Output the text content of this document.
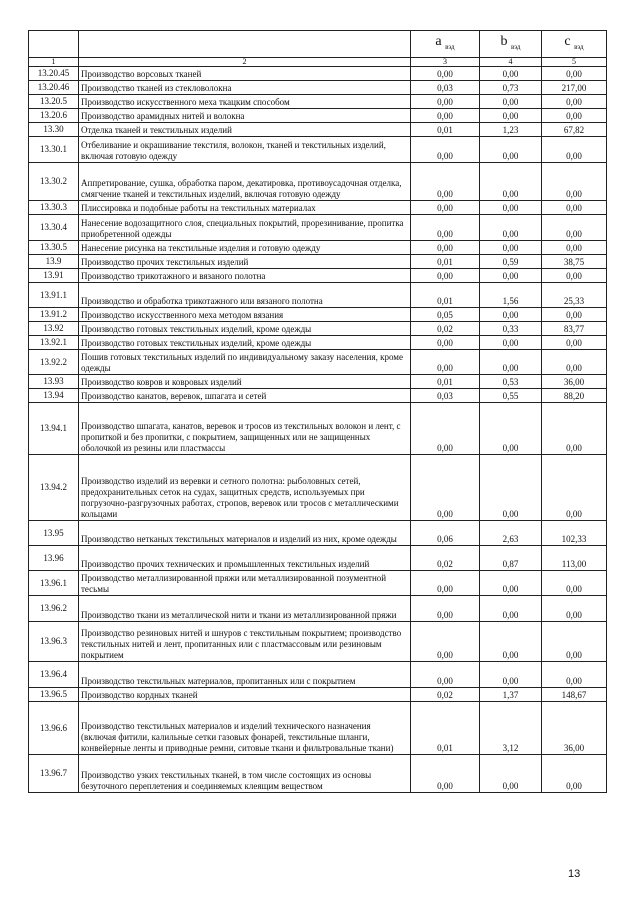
		a $_{вэд}$	b $_{вэд}$	c $_{вэд}$
1	2	3	4	5
13.20.45	Производство ворсовых тканей	0,00	0,00	0,00
13.20.46	Производство тканей из стекловолокна	0,03	0,73	217,00
13.20.5	Производство искусственного меха ткацким способом	0,00	0,00	0,00
13.20.6	Производство арамидных нитей и волокна	0,00	0,00	0,00
13.30	Отделка тканей и текстильных изделий	0,01	1,23	67,82
13.30.1	Отбеливание и окрашивание текстиля, волокон, тканей и текстильных изделий, включая готовую одежду	0,00	0,00	0,00
13.30.2	Аппретирование, сушка, обработка паром, декатировка, противоусадочная отделка, смягчение тканей и текстильных изделий, включая готовую одежду	0,00	0,00	0,00
13.30.3	Плиссировка и подобные работы на текстильных материалах	0,00	0,00	0,00
13.30.4	Нанесение водозащитного слоя, специальных покрытий, прорезинивание, пропитка приобретенной одежды	0,00	0,00	0,00
13.30.5	Нанесение рисунка на текстильные изделия и готовую одежду	0,00	0,00	0,00
13.9	Производство прочих текстильных изделий	0,01	0,59	38,75
13.91	Производство трикотажного и вязаного полотна	0,00	0,00	0,00
13.91.1	Производство и обработка трикотажного или вязаного полотна	0,01	1,56	25,33
13.91.2	Производство искусственного меха методом вязания	0,05	0,00	0,00
13.92	Производство готовых текстильных изделий, кроме одежды	0,02	0,33	83,77
13.92.1	Производство готовых текстильных изделий, кроме одежды	0,00	0,00	0,00
13.92.2	Пошив готовых текстильных изделий по индивидуальному заказу населения, кроме одежды	0,00	0,00	0,00
13.93	Производство ковров и ковровых изделий	0,01	0,53	36,00
13.94	Производство канатов, веревок, шпагата и сетей	0,03	0,55	88,20
13.94.1	Производство шпагата, канатов, веревок и тросов из текстильных волокон и лент, с пропиткой и без пропитки, с покрытием, защищенных или не защищенных оболочкой из резины или пластмассы	0,00	0,00	0,00
13.94.2	Производство изделий из веревки и сетного полотна: рыболовных сетей, предохранительных сеток на судах, защитных средств, используемых при погрузочно-разгрузочных работах, стропов, веревок или тросов с металлическими кольцами	0,00	0,00	0,00
13.95	Производство нетканых текстильных материалов и изделий из них, кроме одежды	0,06	2,63	102,33
13.96	Производство прочих технических и промышленных текстильных изделий	0,02	0,87	113,00
13.96.1	Производство металлизированной пряжи или металлизированной позументной тесьмы	0,00	0,00	0,00
13.96.2	Производство ткани из металлической нити и ткани из металлизированной пряжи	0,00	0,00	0,00
13.96.3	Производство резиновых нитей и шнуров с текстильным покрытием; производство текстильных нитей и лент, пропитанных или с пластмассовым или резиновым покрытием	0,00	0,00	0,00
13.96.4	Производство текстильных материалов, пропитанных или с покрытием	0,00	0,00	0,00
13.96.5	Производство кордных тканей	0,02	1,37	148,67
13.96.6	Производство текстильных материалов и изделий технического назначения (включая фитили, калильные сетки газовых фонарей, текстильные шланги, конвейерные ленты и приводные ремни, ситовые ткани и фильтровальные ткани)	0,01	3,12	36,00
13.96.7	Производство узких текстильных тканей, в том числе состоящих из основы безуточного переплетения и соединяемых клеящим веществом	0,00	0,00	0,00
13
